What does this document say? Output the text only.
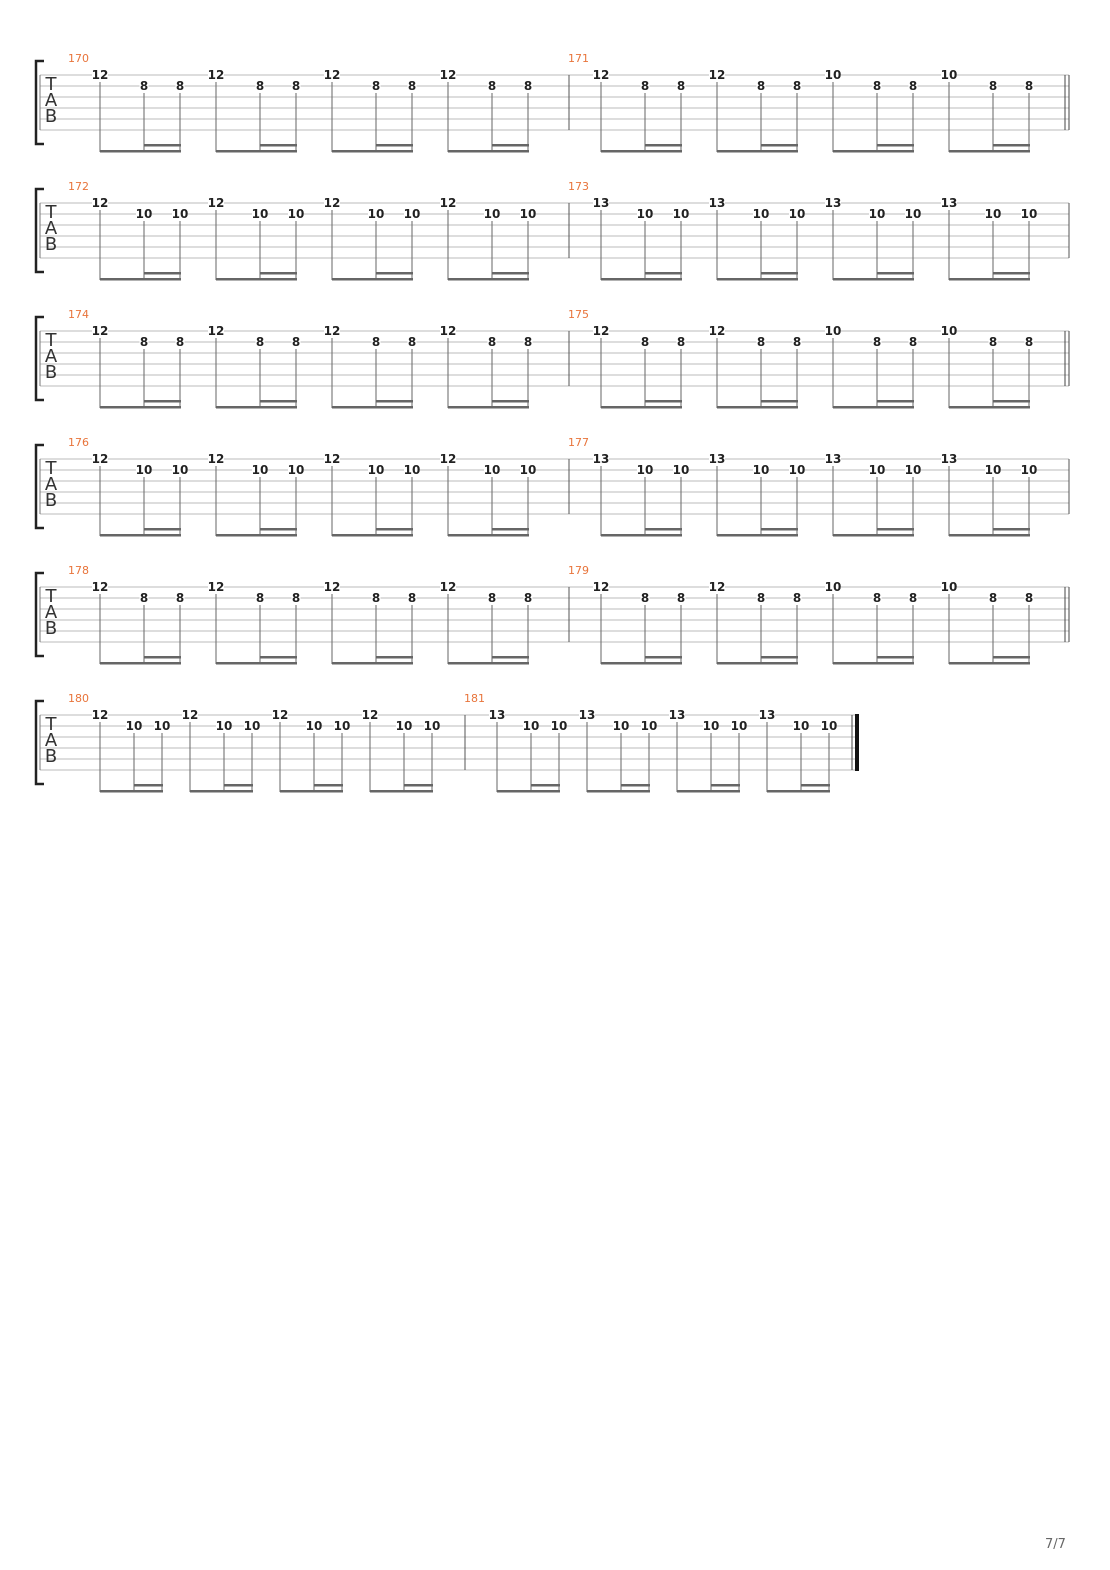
T
A
B
170
12
8 8
12
8 8
12
8 8
12
8 8
171
12
8 8
12
8 8
10
8 8
10
8 8
T
A
B
172
12
10 10
12
10 10
12
10 10
12
10 10
173
13
10 10
13
10 10
13
10 10
13
10 10
T
A
B
174
12
8 8
12
8 8
12
8 8
12
8 8
175
12
8 8
12
8 8
10
8 8
10
8 8
T
A
B
176
12
10 10
12
10 10
12
10 10
12
10 10
177
13
10 10
13
10 10
13
10 10
13
10 10
T
A
B
178
12
8 8
12
8 8
12
8 8
12
8 8
179
12
8 8
12
8 8
10
8 8
10
8 8
T
A
B
180
12
10 10
12
10 10
12
10 10
12
10 10
181
13
10 10
13
10 10
13
10 10
13
10 10
7/7
